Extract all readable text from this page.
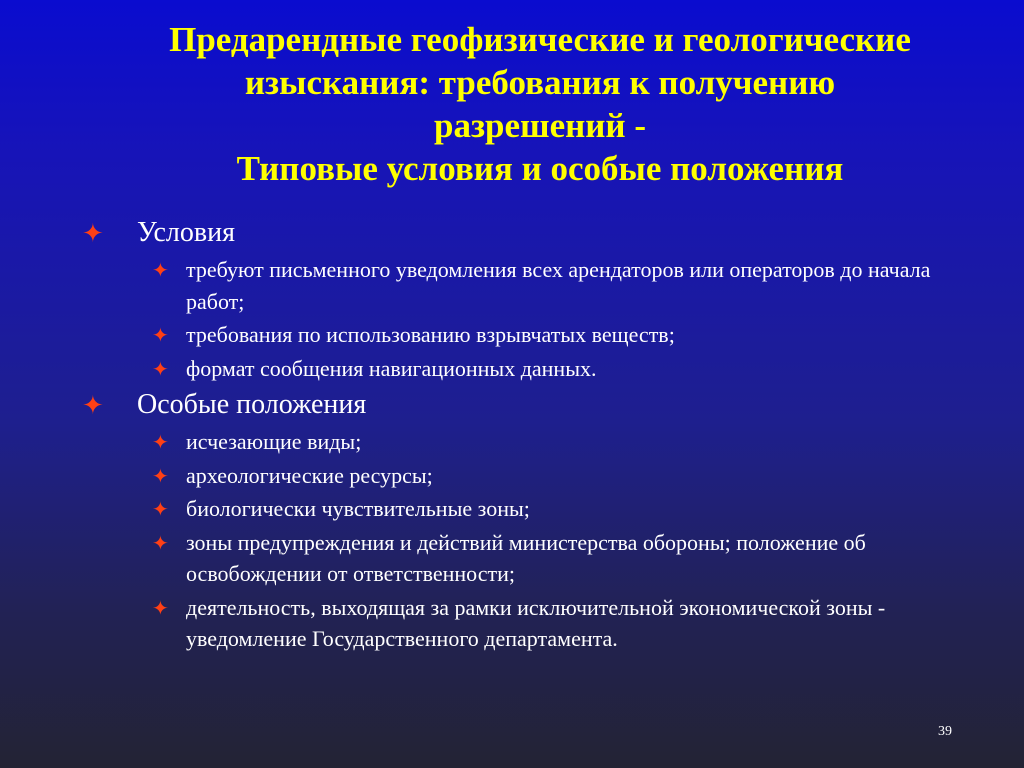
Предарендные геофизические и геологические
изыскания: требования к получению
разрешений -
Типовые условия и особые положения
✦ Условия
✦ требуют письменного уведомления всех арендаторов или операторов до начала работ;
✦ требования по использованию взрывчатых веществ;
✦ формат сообщения навигационных данных.
✦ Особые положения
✦ исчезающие виды;
✦ археологические ресурсы;
✦ биологически чувствительные зоны;
✦ зоны предупреждения и действий министерства обороны; положение об освобождении от ответственности;
✦ деятельность, выходящая за рамки исключительной экономической зоны - уведомление Государственного департамента.
39
